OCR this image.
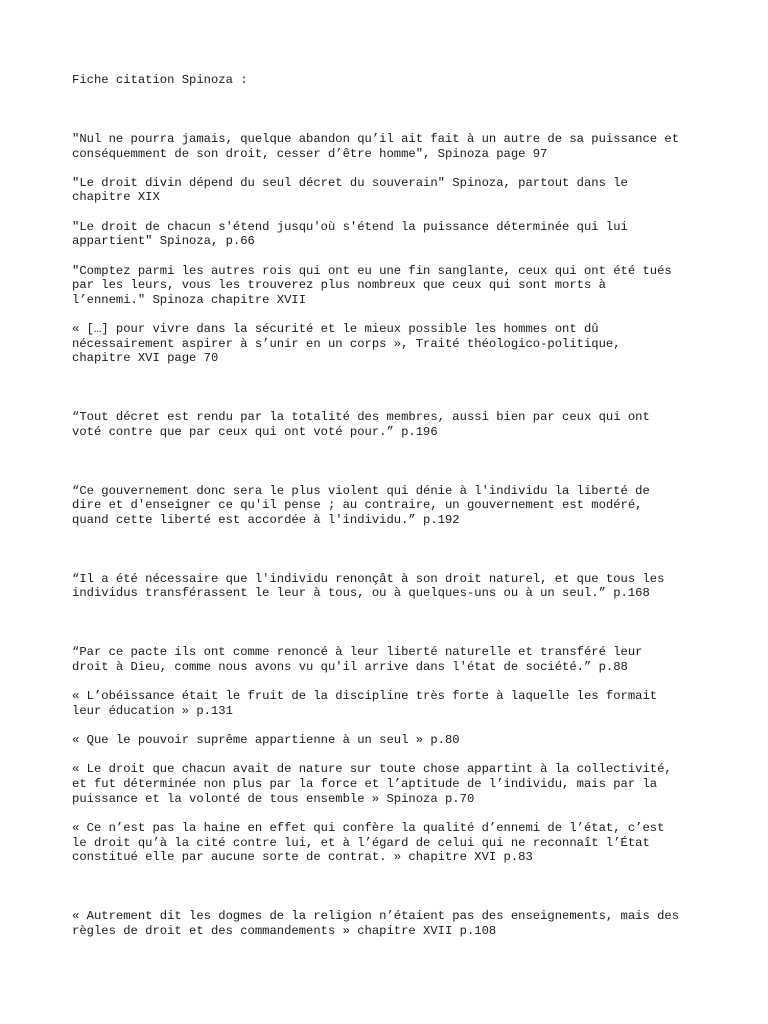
Fiche citation Spinoza :

"Nul ne pourra jamais, quelque abandon qu’il ait fait à un autre de sa puissance et

conséquemment de son droit, cesser d’être homme", Spinoza page 97

"Le droit divin dépend du seul décret du souverain" Spinoza, partout dans le

chapitre XIX

"Le droit de chacun s'étend jusqu'où s'étend la puissance déterminée qui lui

appartient" Spinoza, p.66

"Comptez parmi les autres rois qui ont eu une fin sanglante, ceux qui ont été tués

par les leurs, vous les trouverez plus nombreux que ceux qui sont morts à

l’ennemi." Spinoza chapitre XVII

« […] pour vivre dans la sécurité et le mieux possible les hommes ont dû

nécessairement aspirer à s’unir en un corps », Traité théologico-politique,

chapitre XVI page 70

“Tout décret est rendu par la totalité des membres, aussi bien par ceux qui ont

voté contre que par ceux qui ont voté pour.” p.196

“Ce gouvernement donc sera le plus violent qui dénie à l'individu la liberté de

dire et d'enseigner ce qu'il pense ; au contraire, un gouvernement est modéré,

quand cette liberté est accordée à l'individu.” p.192

“Il a été nécessaire que l'individu renonçât à son droit naturel, et que tous les

individus transférassent le leur à tous, ou à quelques-uns ou à un seul.” p.168

“Par ce pacte ils ont comme renoncé à leur liberté naturelle et transféré leur

droit à Dieu, comme nous avons vu qu'il arrive dans l'état de société.” p.88

« L’obéissance était le fruit de la discipline très forte à laquelle les formait

leur éducation » p.131

« Que le pouvoir suprême appartienne à un seul » p.80

« Le droit que chacun avait de nature sur toute chose appartint à la collectivité,

et fut déterminée non plus par la force et l’aptitude de l’individu, mais par la

puissance et la volonté de tous ensemble » Spinoza p.70

« Ce n’est pas la haine en effet qui confère la qualité d’ennemi de l’état, c’est

le droit qu’à la cité contre lui, et à l’égard de celui qui ne reconnaît l’État

constitué elle par aucune sorte de contrat. » chapitre XVI p.83

« Autrement dit les dogmes de la religion n’étaient pas des enseignements, mais des

règles de droit et des commandements » chapitre XVII p.108
